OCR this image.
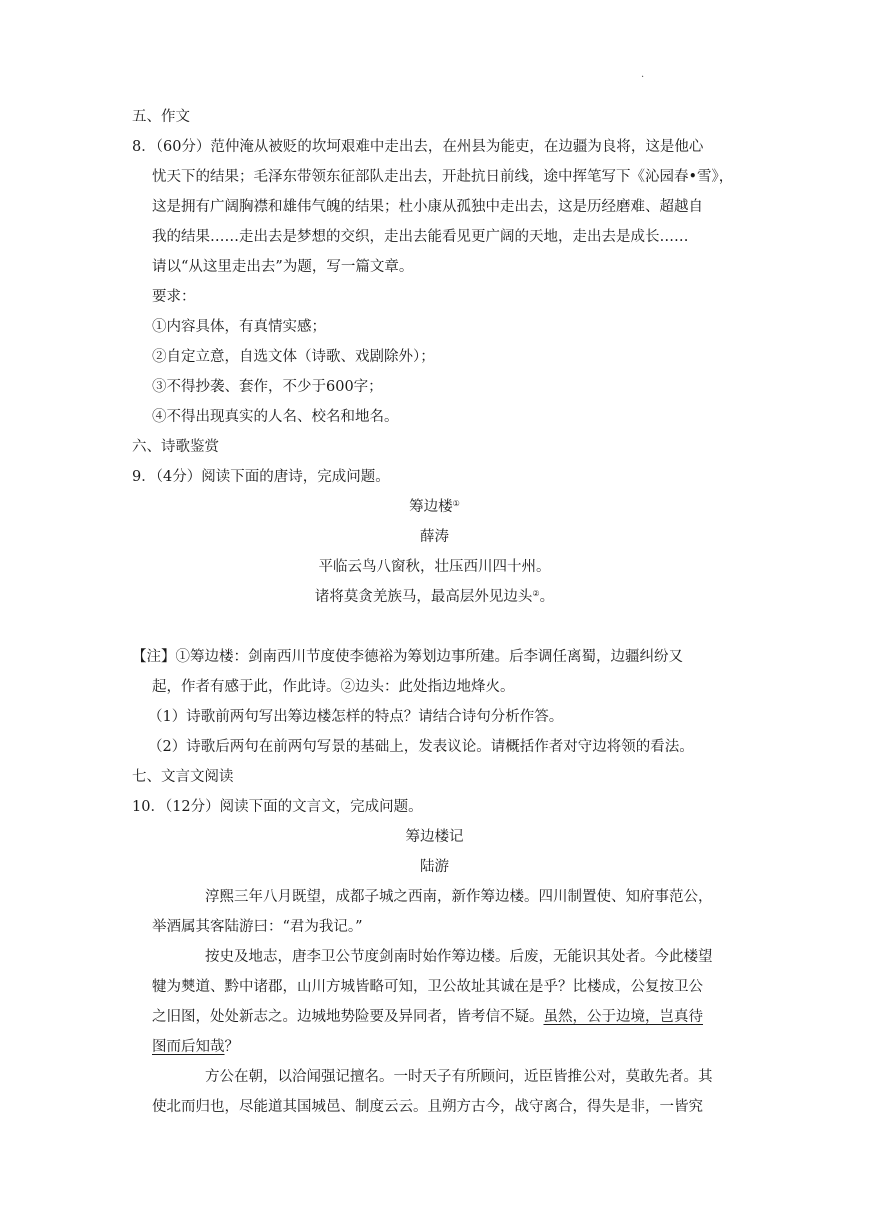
·
五、作文
8．（60分）范仲淹从被贬的坎坷艰难中走出去，在州县为能吏，在边疆为良将，这是他心
忧天下的结果；毛泽东带领东征部队走出去，开赴抗日前线，途中挥笔写下《沁园春•雪》，
这是拥有广阔胸襟和雄伟气魄的结果；杜小康从孤独中走出去，这是历经磨难、超越自
我的结果……走出去是梦想的交织，走出去能看见更广阔的天地，走出去是成长……
请以“从这里走出去”为题，写一篇文章。
要求：
①内容具体，有真情实感；
②自定立意，自选文体（诗歌、戏剧除外）；
③不得抄袭、套作，不少于600字；
④不得出现真实的人名、校名和地名。
六、诗歌鉴赏
9．（4分）阅读下面的唐诗，完成问题。
筹边楼①
薛涛
平临云鸟八窗秋，壮压西川四十州。
诸将莫贪羌族马，最高层外见边头②。
【注】①筹边楼：剑南西川节度使李德裕为筹划边事所建。后李调任离蜀，边疆纠纷又
起，作者有感于此，作此诗。②边头：此处指边地烽火。
（1）诗歌前两句写出筹边楼怎样的特点？请结合诗句分析作答。
（2）诗歌后两句在前两句写景的基础上，发表议论。请概括作者对守边将领的看法。
七、文言文阅读
10．（12分）阅读下面的文言文，完成问题。
筹边楼记
陆游
淳熙三年八月既望，成都子城之西南，新作筹边楼。四川制置使、知府事范公，
举酒属其客陆游曰：“君为我记。”
按史及地志，唐李卫公节度剑南时始作筹边楼。后废，无能识其处者。今此楼望
犍为僰道、黔中诸郡，山川方城皆略可知，卫公故址其诚在是乎？比楼成，公复按卫公
之旧图，处处新志之。边城地势险要及异同者，皆考信不疑。虽然，公于边境，岂真待
图而后知哉？
方公在朝，以洽闻强记擅名。一时天子有所顾问，近臣皆推公对，莫敢先者。其
使北而归也，尽能道其国城邑、制度云云。且朔方古今，战守离合，得失是非，一皆究
